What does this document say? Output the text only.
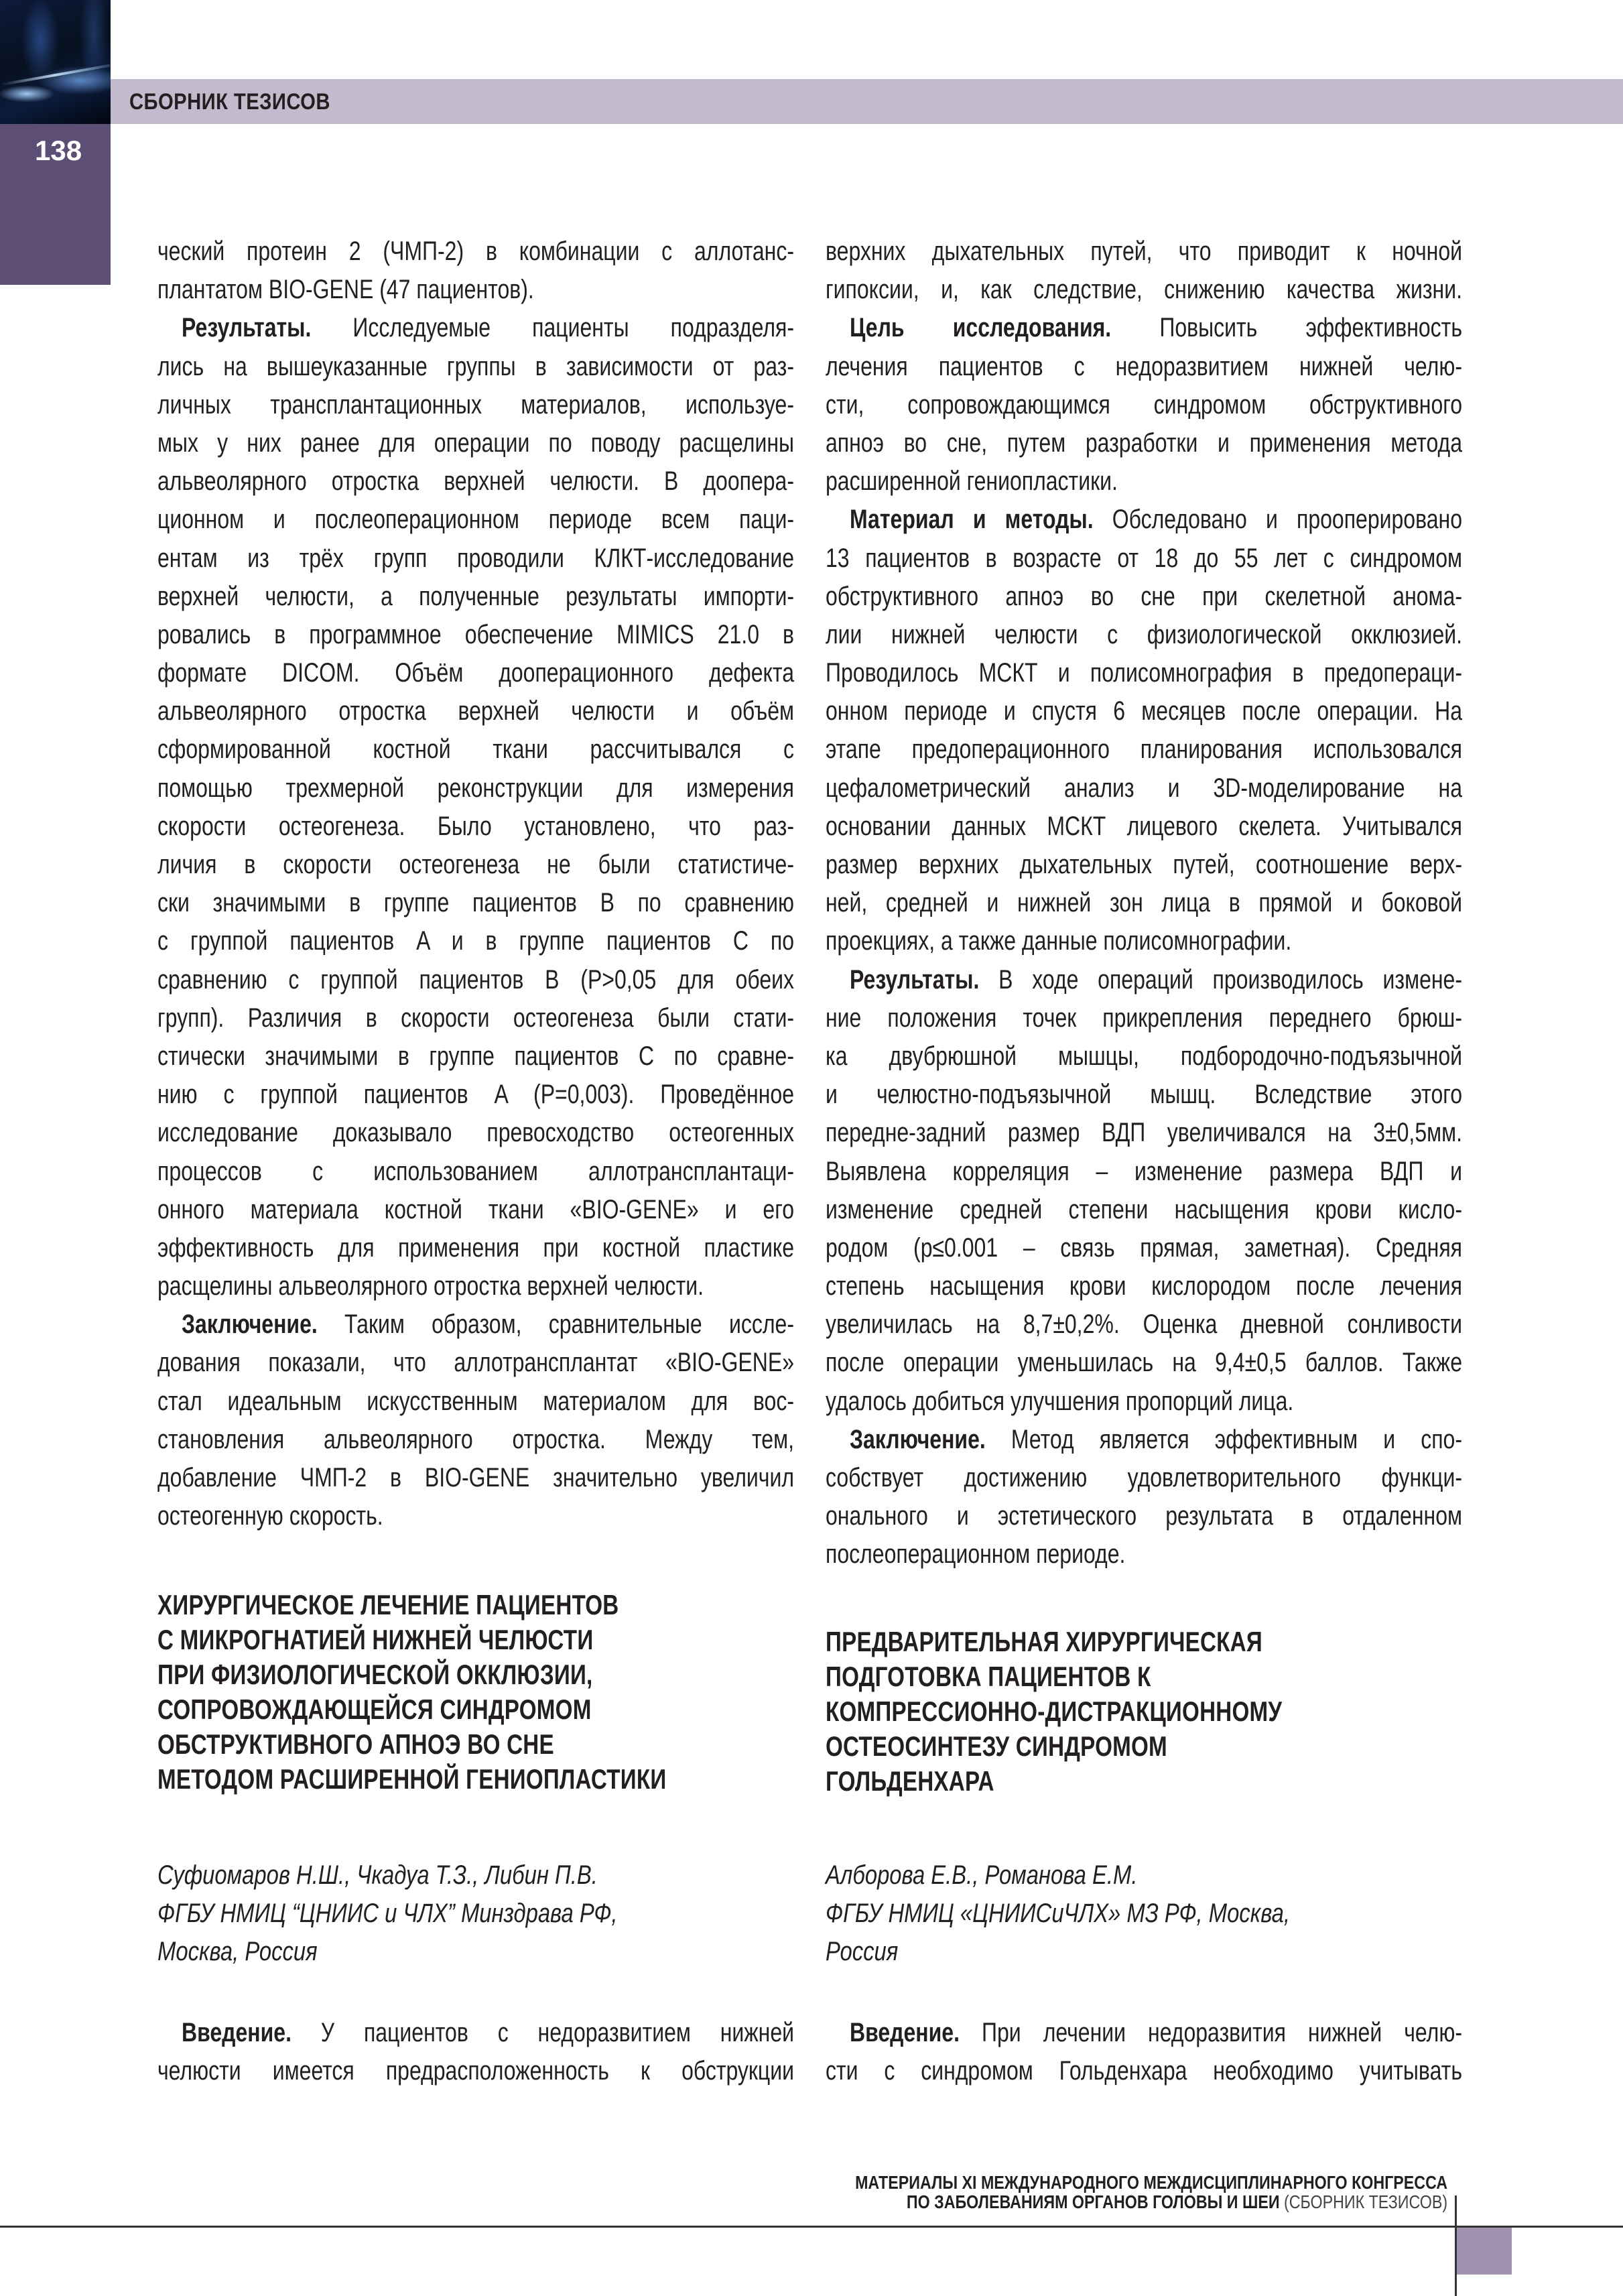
СБОРНИК ТЕЗИСОВ
138
ческий протеин 2 (ЧМП-2) в комбинации с аллотанс-
плантатом BIO-GENE (47 пациентов).
Результаты. Исследуемые пациенты подразделя-
лись на вышеуказанные группы в зависимости от раз-
личных трансплантационных материалов, используе-
мых у них ранее для операции по поводу расщелины
альвеолярного отростка верхней челюсти. В доопера-
ционном и послеоперационном периоде всем паци-
ентам из трёх групп проводили КЛКТ-исследование
верхней челюсти, а полученные результаты импорти-
ровались в программное обеспечение MIMICS 21.0 в
формате DICOM. Объём дооперационного дефекта
альвеолярного отростка верхней челюсти и объём
сформированной костной ткани рассчитывался с
помощью трехмерной реконструкции для измерения
скорости остеогенеза. Было установлено, что раз-
личия в скорости остеогенеза не были статистиче-
ски значимыми в группе пациентов B по сравнению
с группой пациентов A и в группе пациентов C по
сравнению с группой пациентов B (P>0,05 для обеих
групп). Различия в скорости остеогенеза были стати-
стически значимыми в группе пациентов C по сравне-
нию с группой пациентов A (P=0,003). Проведённое
исследование доказывало превосходство остеогенных
процессов с использованием аллотрансплантаци-
онного материала костной ткани «BIO-GENE» и его
эффективность для применения при костной пластике
расщелины альвеолярного отростка верхней челюсти.
Заключение. Таким образом, сравнительные иссле-
дования показали, что аллотрансплантат «BIO-GENE»
стал идеальным искусственным материалом для вос-
становления альвеолярного отростка. Между тем,
добавление ЧМП-2 в BIO-GENE значительно увеличил
остеогенную скорость.
ХИРУРГИЧЕСКОЕ ЛЕЧЕНИЕ ПАЦИЕНТОВ
С МИКРОГНАТИЕЙ НИЖНЕЙ ЧЕЛЮСТИ
ПРИ ФИЗИОЛОГИЧЕСКОЙ ОККЛЮЗИИ,
СОПРОВОЖДАЮЩЕЙСЯ СИНДРОМОМ
ОБСТРУКТИВНОГО АПНОЭ ВО СНЕ
МЕТОДОМ РАСШИРЕННОЙ ГЕНИОПЛАСТИКИ
Суфиомаров Н.Ш., Чкадуа Т.З., Либин П.В.
ФГБУ НМИЦ “ЦНИИС и ЧЛХ” Минздрава РФ,
Москва, Россия
Введение. У пациентов с недоразвитием нижней
челюсти имеется предрасположенность к обструкции
верхних дыхательных путей, что приводит к ночной
гипоксии, и, как следствие, снижению качества жизни.
Цель исследования. Повысить эффективность
лечения пациентов с недоразвитием нижней челю-
сти, сопровождающимся синдромом обструктивного
апноэ во сне, путем разработки и применения метода
расширенной гениопластики.
Материал и методы. Обследовано и прооперировано
13 пациентов в возрасте от 18 до 55 лет с синдромом
обструктивного апноэ во сне при скелетной анома-
лии нижней челюсти с физиологической окклюзией.
Проводилось МСКТ и полисомнография в предопераци-
онном периоде и спустя 6 месяцев после операции. На
этапе предоперационного планирования использовался
цефалометрический анализ и 3D-моделирование на
основании данных МСКТ лицевого скелета. Учитывался
размер верхних дыхательных путей, соотношение верх-
ней, средней и нижней зон лица в прямой и боковой
проекциях, а также данные полисомнографии.
Результаты. В ходе операций производилось измене-
ние положения точек прикрепления переднего брюш-
ка двубрюшной мышцы, подбородочно-подъязычной
и челюстно-подъязычной мышц. Вследствие этого
передне-задний размер ВДП увеличивался на 3±0,5мм.
Выявлена корреляция – изменение размера ВДП и
изменение средней степени насыщения крови кисло-
родом (p≤0.001 – связь прямая, заметная). Средняя
степень насыщения крови кислородом после лечения
увеличилась на 8,7±0,2%. Оценка дневной сонливости
после операции уменьшилась на 9,4±0,5 баллов. Также
удалось добиться улучшения пропорций лица.
Заключение. Метод является эффективным и спо-
собствует достижению удовлетворительного функци-
онального и эстетического результата в отдаленном
послеоперационном периоде.
ПРЕДВАРИТЕЛЬНАЯ ХИРУРГИЧЕСКАЯ
ПОДГОТОВКА ПАЦИЕНТОВ К
КОМПРЕССИОННО-ДИСТРАКЦИОННОМУ
ОСТЕОСИНТЕЗУ СИНДРОМОМ
ГОЛЬДЕНХАРА
Алборова Е.В., Романова Е.М.
ФГБУ НМИЦ «ЦНИИСиЧЛХ» МЗ РФ, Москва,
Россия
Введение. При лечении недоразвития нижней челю-
сти с синдромом Гольденхара необходимо учитывать
МАТЕРИАЛЫ XI МЕЖДУНАРОДНОГО МЕЖДИСЦИПЛИНАРНОГО КОНГРЕССА
ПО ЗАБОЛЕВАНИЯМ ОРГАНОВ ГОЛОВЫ И ШЕИ (СБОРНИК ТЕЗИСОВ)
